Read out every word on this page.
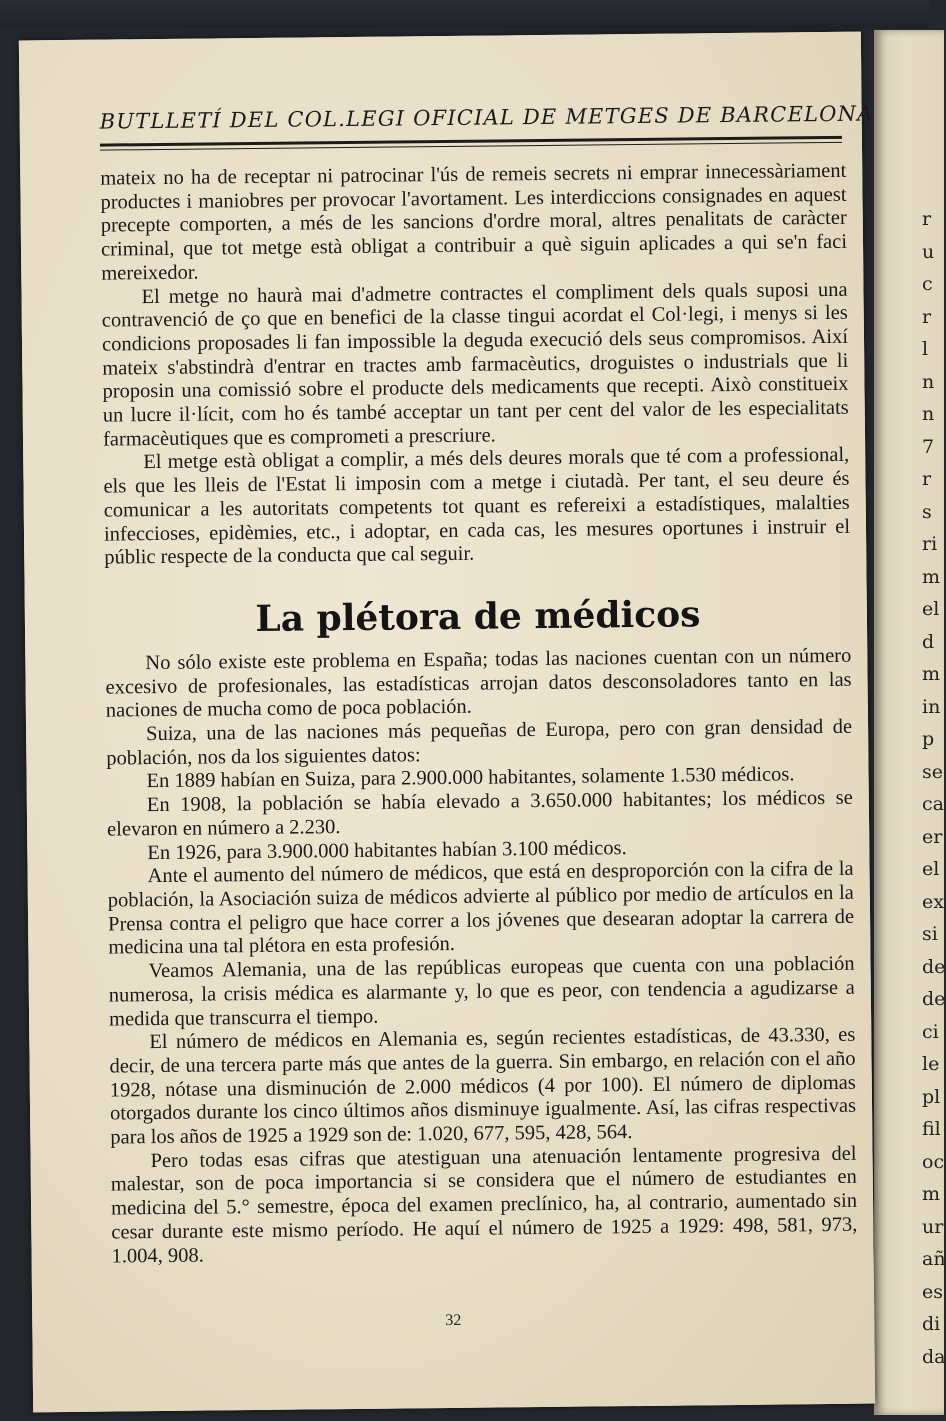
r
u
c
r
l
n
n
7
r
s
ri
m
el
d
m
in
p
se
ca
er
el
ex
si
de
de
ci
le
pl
fil
oc
m
ur
añ
es
di
da
BUTLLETÍ DEL COL.LEGI OFICIAL DE METGES DE BARCELONA

mateix no ha de receptar ni patrocinar l'ús de remeis secrets ni emprar innecessàriament productes i maniobres per provocar l'avortament. Les interdiccions consignades en aquest precepte comporten, a més de les sancions d'ordre moral, altres penalitats de caràcter criminal, que tot metge està obligat a contribuir a què siguin aplicades a qui se'n faci mereixedor.

El metge no haurà mai d'admetre contractes el compliment dels quals suposi una contravenció de ço que en benefici de la classe tingui acordat el Col·legi, i menys si les condicions proposades li fan impossible la deguda execució dels seus compromisos. Així mateix s'abstindrà d'entrar en tractes amb farmacèutics, droguistes o industrials que li proposin una comissió sobre el producte dels medicaments que recepti. Això constitueix un lucre il·lícit, com ho és també acceptar un tant per cent del valor de les especialitats farmacèutiques que es comprometi a prescriure.

El metge està obligat a complir, a més dels deures morals que té com a professional, els que les lleis de l'Estat li imposin com a metge i ciutadà. Per tant, el seu deure és comunicar a les autoritats competents tot quant es refereixi a estadístiques, malalties infeccioses, epidèmies, etc., i adoptar, en cada cas, les mesures oportunes i instruir el públic respecte de la conducta que cal seguir.

La plétora de médicos

No sólo existe este problema en España; todas las naciones cuentan con un número excesivo de profesionales, las estadísticas arrojan datos desconsoladores tanto en las naciones de mucha como de poca población.

Suiza, una de las naciones más pequeñas de Europa, pero con gran densidad de población, nos da los siguientes datos:

En 1889 habían en Suiza, para 2.900.000 habitantes, solamente 1.530 médicos.

En 1908, la población se había elevado a 3.650.000 habitantes; los médicos se elevaron en número a 2.230.

En 1926, para 3.900.000 habitantes habían 3.100 médicos.

Ante el aumento del número de médicos, que está en desproporción con la cifra de la población, la Asociación suiza de médicos advierte al público por medio de artículos en la Prensa contra el peligro que hace correr a los jóvenes que desearan adoptar la carrera de medicina una tal plétora en esta profesión.

Veamos Alemania, una de las repúblicas europeas que cuenta con una población numerosa, la crisis médica es alarmante y, lo que es peor, con tendencia a agudizarse a medida que transcurra el tiempo.

El número de médicos en Alemania es, según recientes estadísticas, de 43.330, es decir, de una tercera parte más que antes de la guerra. Sin embargo, en relación con el año 1928, nótase una disminución de 2.000 médicos (4 por 100). El número de diplomas otorgados durante los cinco últimos años disminuye igualmente. Así, las cifras respectivas para los años de 1925 a 1929 son de: 1.020, 677, 595, 428, 564.

Pero todas esas cifras que atestiguan una atenuación lentamente progresiva del malestar, son de poca importancia si se considera que el número de estudiantes en medicina del 5.° semestre, época del examen preclínico, ha, al contrario, aumentado sin cesar durante este mismo período. He aquí el número de 1925 a 1929: 498, 581, 973, 1.004, 908.

32
